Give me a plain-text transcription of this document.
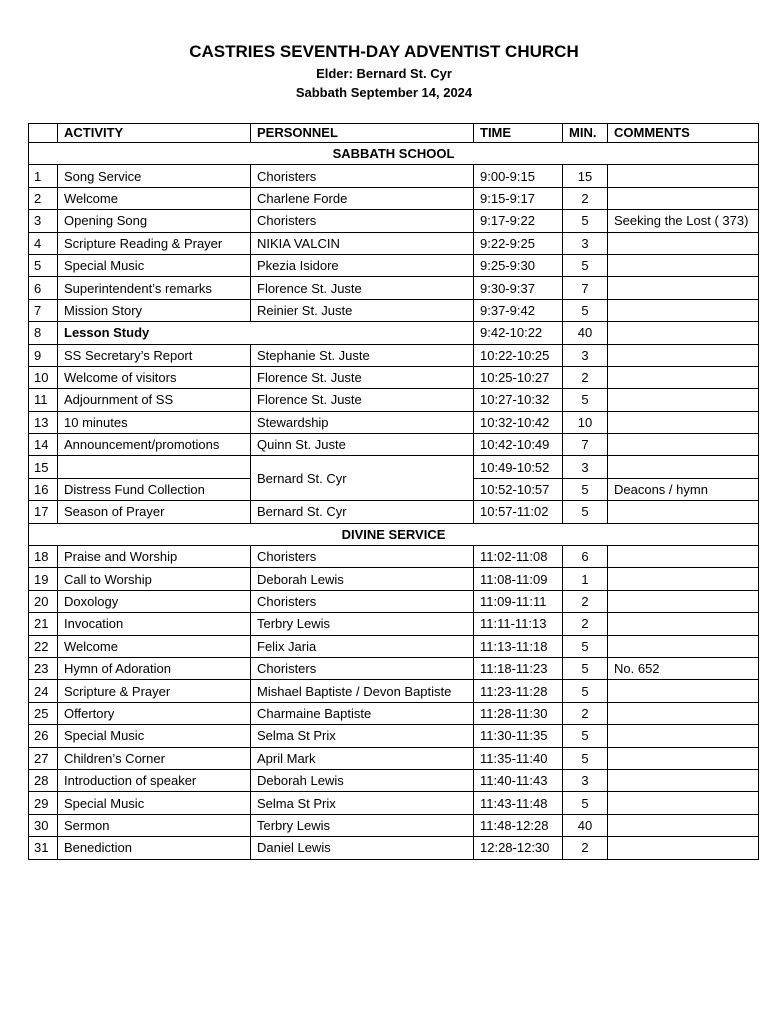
CASTRIES SEVENTH-DAY ADVENTIST CHURCH

Elder: Bernard St. Cyr

Sabbath September 14, 2024

	ACTIVITY	PERSONNEL	TIME	MIN.	COMMENTS
SABBATH SCHOOL					
1	Song Service	Choristers	9:00-9:15	15	
2	Welcome	Charlene Forde	9:15-9:17	2	
3	Opening Song	Choristers	9:17-9:22	5	Seeking the Lost ( 373)
4	Scripture Reading & Prayer	NIKIA VALCIN	9:22-9:25	3	
5	Special Music	Pkezia Isidore	9:25-9:30	5	
6	Superintendent’s remarks	Florence St. Juste	9:30-9:37	7	
7	Mission Story	Reinier St. Juste	9:37-9:42	5	
8	Lesson Study		9:42-10:22	40	
9	SS Secretary’s Report	Stephanie St. Juste	10:22-10:25	3	
10	Welcome of visitors	Florence St. Juste	10:25-10:27	2	
11	Adjournment of SS	Florence St. Juste	10:27-10:32	5	
13	10 minutes	Stewardship	10:32-10:42	10	
14	Announcement/promotions	Quinn St. Juste	10:42-10:49	7	
15		Bernard St. Cyr	10:49-10:52	3	
16	Distress Fund Collection		10:52-10:57	5	Deacons / hymn
17	Season of Prayer	Bernard St. Cyr	10:57-11:02	5	
DIVINE SERVICE					
18	Praise and Worship	Choristers	11:02-11:08	6	
19	Call to Worship	Deborah Lewis	11:08-11:09	1	
20	Doxology	Choristers	11:09-11:11	2	
21	Invocation	Terbry Lewis	11:11-11:13	2	
22	Welcome	Felix Jaria	11:13-11:18	5	
23	Hymn of Adoration	Choristers	11:18-11:23	5	No. 652
24	Scripture & Prayer	Mishael Baptiste / Devon Baptiste	11:23-11:28	5	
25	Offertory	Charmaine Baptiste	11:28-11:30	2	
26	Special Music	Selma St Prix	11:30-11:35	5	
27	Children’s Corner	April Mark	11:35-11:40	5	
28	Introduction of speaker	Deborah Lewis	11:40-11:43	3	
29	Special Music	Selma St Prix	11:43-11:48	5	
30	Sermon	Terbry Lewis	11:48-12:28	40	
31	Benediction	Daniel Lewis	12:28-12:30	2	
